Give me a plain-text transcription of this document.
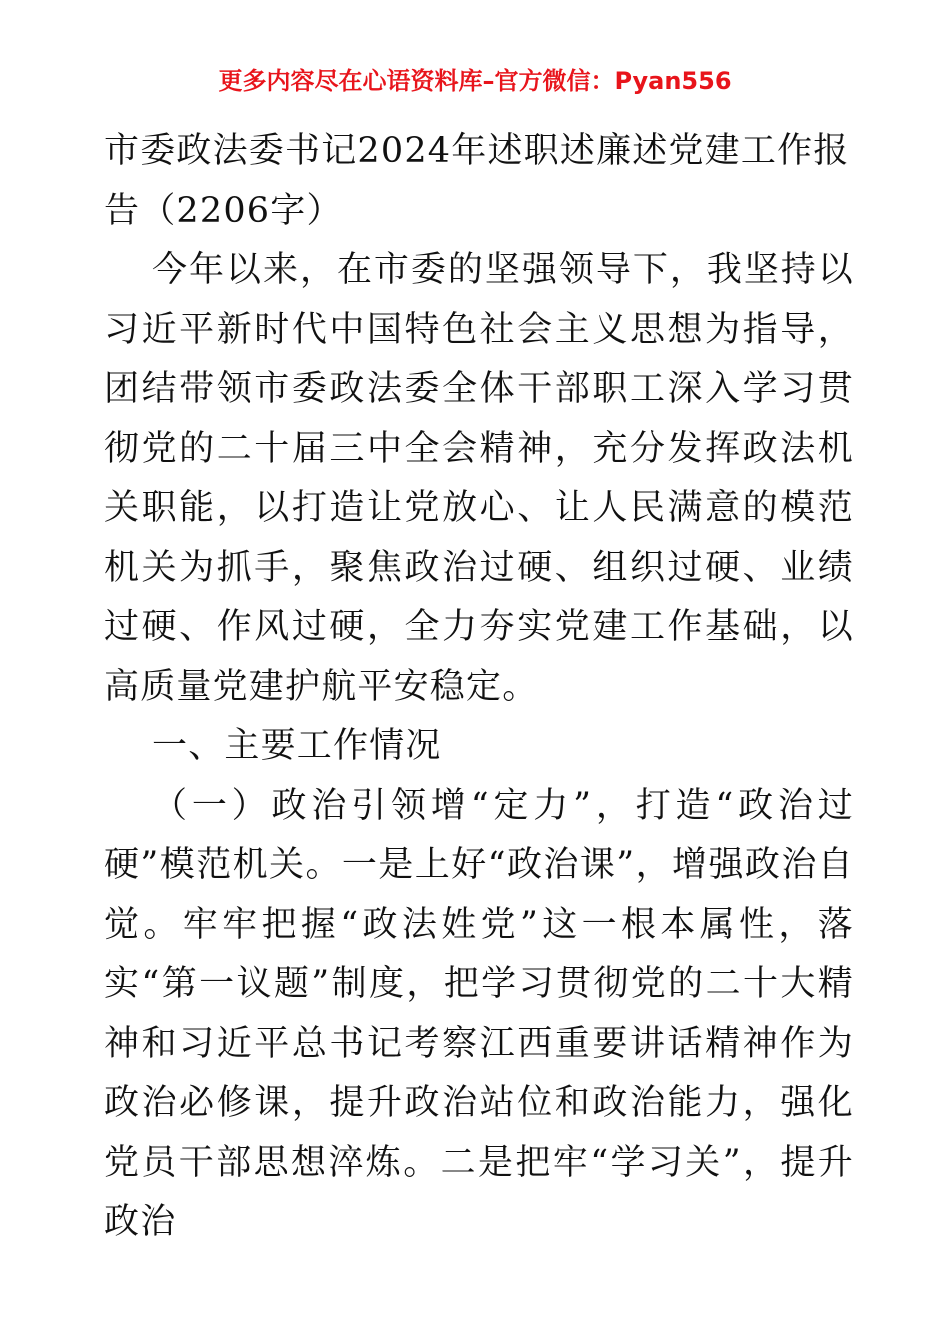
更多内容尽在心语资料库–官方微信：Pyan556

市委政法委书记2024年述职述廉述党建工作报告（2206字）

今年以来，在市委的坚强领导下，我坚持以习近平新时代中国特色社会主义思想为指导，团结带领市委政法委全体干部职工深入学习贯彻党的二十届三中全会精神，充分发挥政法机关职能，以打造让党放心、让人民满意的模范机关为抓手，聚焦政治过硬、组织过硬、业绩过硬、作风过硬，全力夯实党建工作基础，以高质量党建护航平安稳定。

一、主要工作情况

（一）政治引领增“定力”，打造“政治过硬”模范机关。一是上好“政治课”，增强政治自觉。牢牢把握“政法姓党”这一根本属性，落实“第一议题”制度，把学习贯彻党的二十大精神和习近平总书记考察江西重要讲话精神作为政治必修课，提升政治站位和政治能力，强化党员干部思想淬炼。二是把牢“学习关”，提升政治
